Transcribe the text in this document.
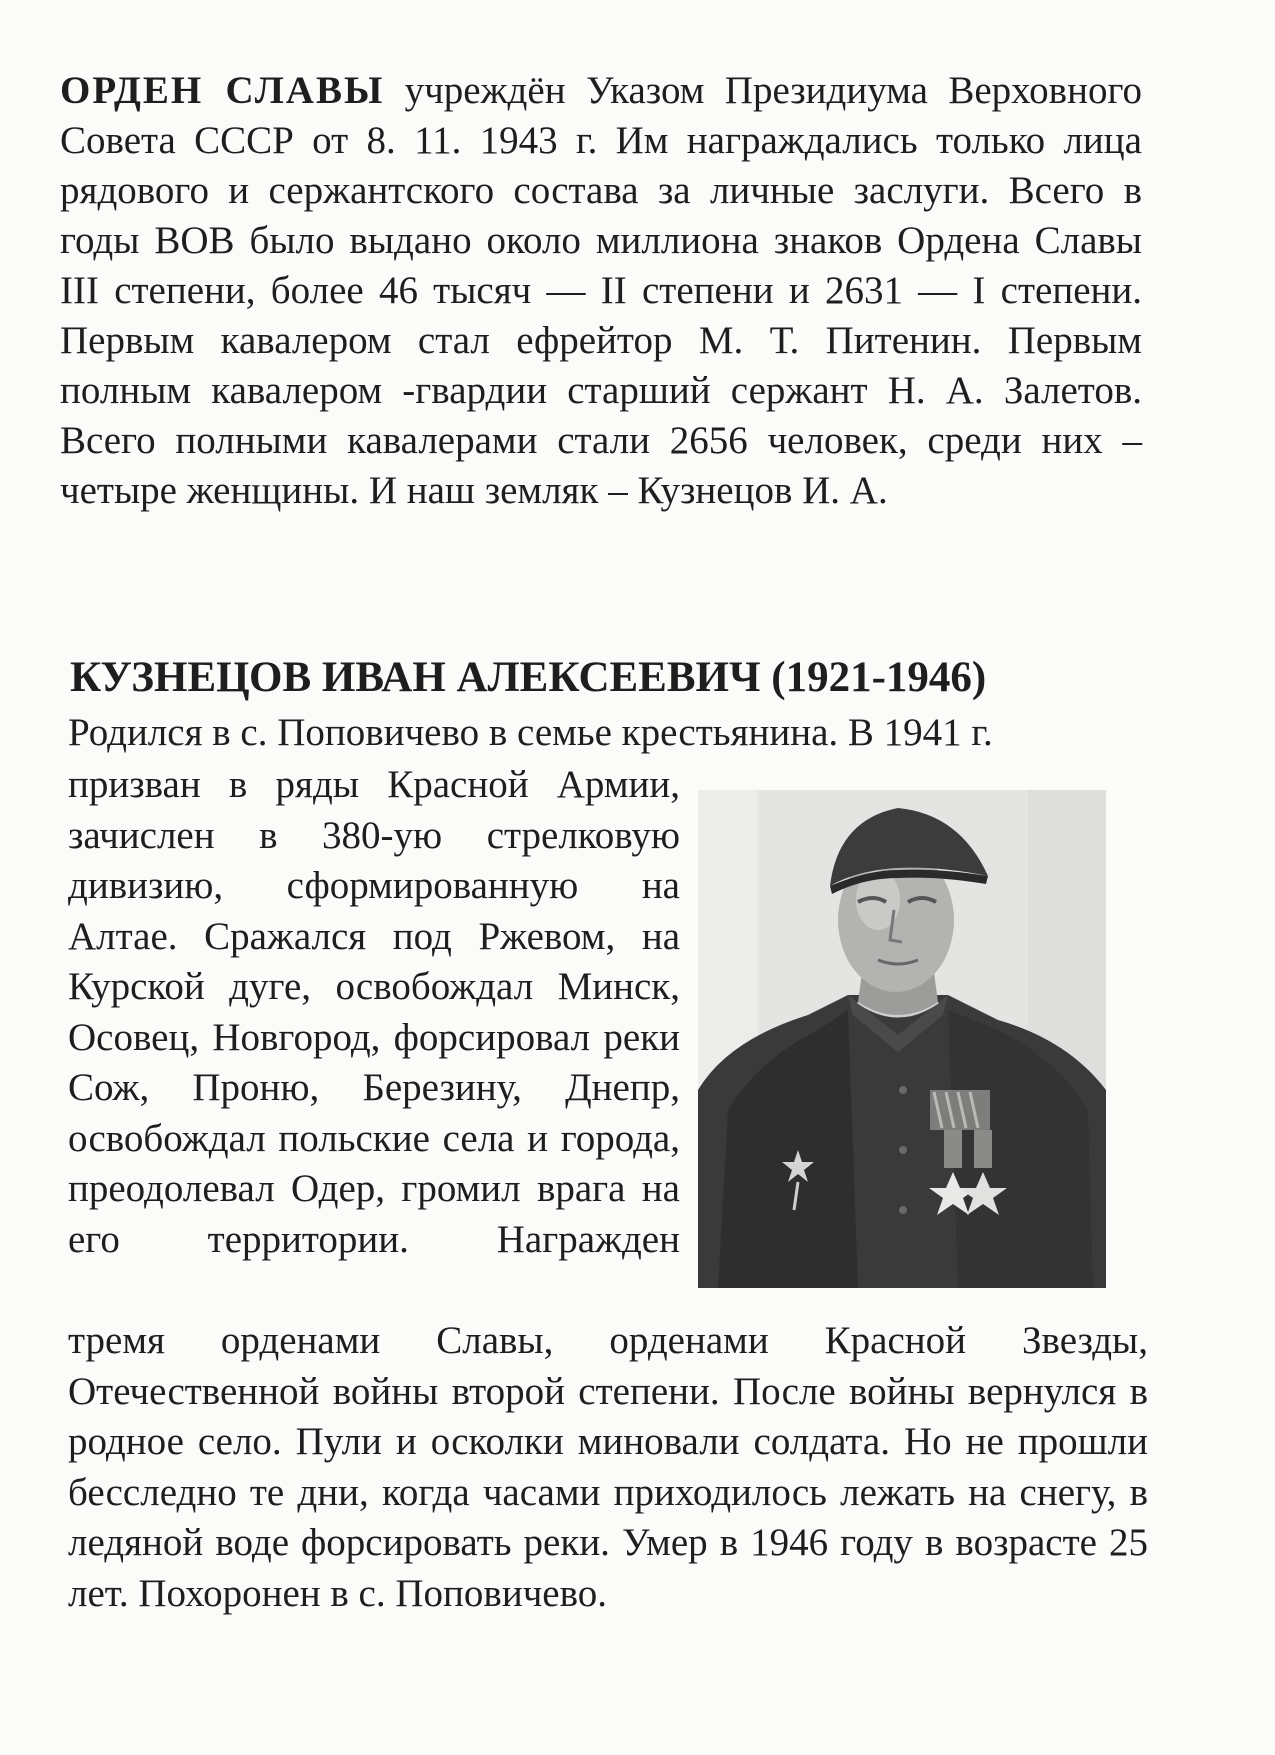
ОРДЕН СЛАВЫ учреждён Указом Президиума Верховного Совета СССР от 8. 11. 1943 г. Им награждались только лица рядового и сержантского состава за личные заслуги. Всего в годы ВОВ было выдано около миллиона знаков Ордена Славы III степени, более 46 тысяч — II степени и 2631 — I степени. Первым кавалером стал ефрейтор М. Т. Питенин. Первым полным кавалером -гвардии старший сержант Н. А. Залетов. Всего полными кавалерами стали 2656 человек, среди них – четыре женщины. И наш земляк – Кузнецов И. А.

КУЗНЕЦОВ ИВАН АЛЕКСЕЕВИЧ (1921-1946)

Родился в с. Поповичево в семье крестьянина. В 1941 г.

призван в ряды Красной Армии, зачислен в 380-ую стрелковую дивизию, сформированную на Алтае. Сражался под Ржевом, на Курской дуге, освобождал Минск, Осовец, Новгород, форсировал реки Сож, Проню, Березину, Днепр, освобождал польские села и города, преодолевал Одер, громил врага на его территории. Награжден

тремя орденами Славы, орденами Красной Звезды, Отечественной войны второй степени. После войны вернулся в родное село. Пули и осколки миновали солдата. Но не прошли бесследно те дни, когда часами приходилось лежать на снегу, в ледяной воде форсировать реки. Умер в 1946 году в возрасте 25 лет. Похоронен в с. Поповичево.
